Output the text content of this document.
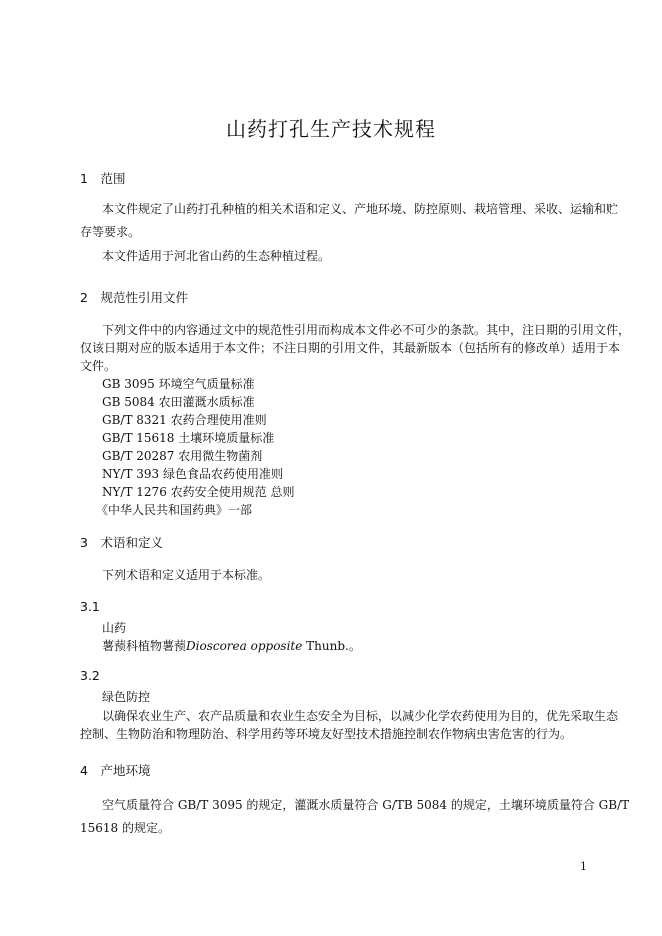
山药打孔生产技术规程
1　范围
本文件规定了山药打孔种植的相关术语和定义、产地环境、防控原则、栽培管理、采收、运输和贮
存等要求。
本文件适用于河北省山药的生态种植过程。
2　规范性引用文件
下列文件中的内容通过文中的规范性引用而构成本文件必不可少的条款。其中，注日期的引用文件，
仅该日期对应的版本适用于本文件；不注日期的引用文件，其最新版本（包括所有的修改单）适用于本
文件。
GB 3095 环境空气质量标准
GB 5084 农田灌溉水质标准
GB/T 8321 农药合理使用准则
GB/T 15618 土壤环境质量标准
GB/T 20287 农用微生物菌剂
NY/T 393 绿色食品农药使用准则
NY/T 1276 农药安全使用规范 总则
《中华人民共和国药典》一部
3　术语和定义
下列术语和定义适用于本标准。
3.1
山药
薯蓣科植物薯蓣Dioscorea opposite Thunb.。
3.2
绿色防控
以确保农业生产、农产品质量和农业生态安全为目标，以减少化学农药使用为目的，优先采取生态
控制、生物防治和物理防治、科学用药等环境友好型技术措施控制农作物病虫害危害的行为。
4　产地环境
空气质量符合 GB/T 3095 的规定，灌溉水质量符合 G/TB 5084 的规定，土壤环境质量符合 GB/T
15618 的规定。
1
